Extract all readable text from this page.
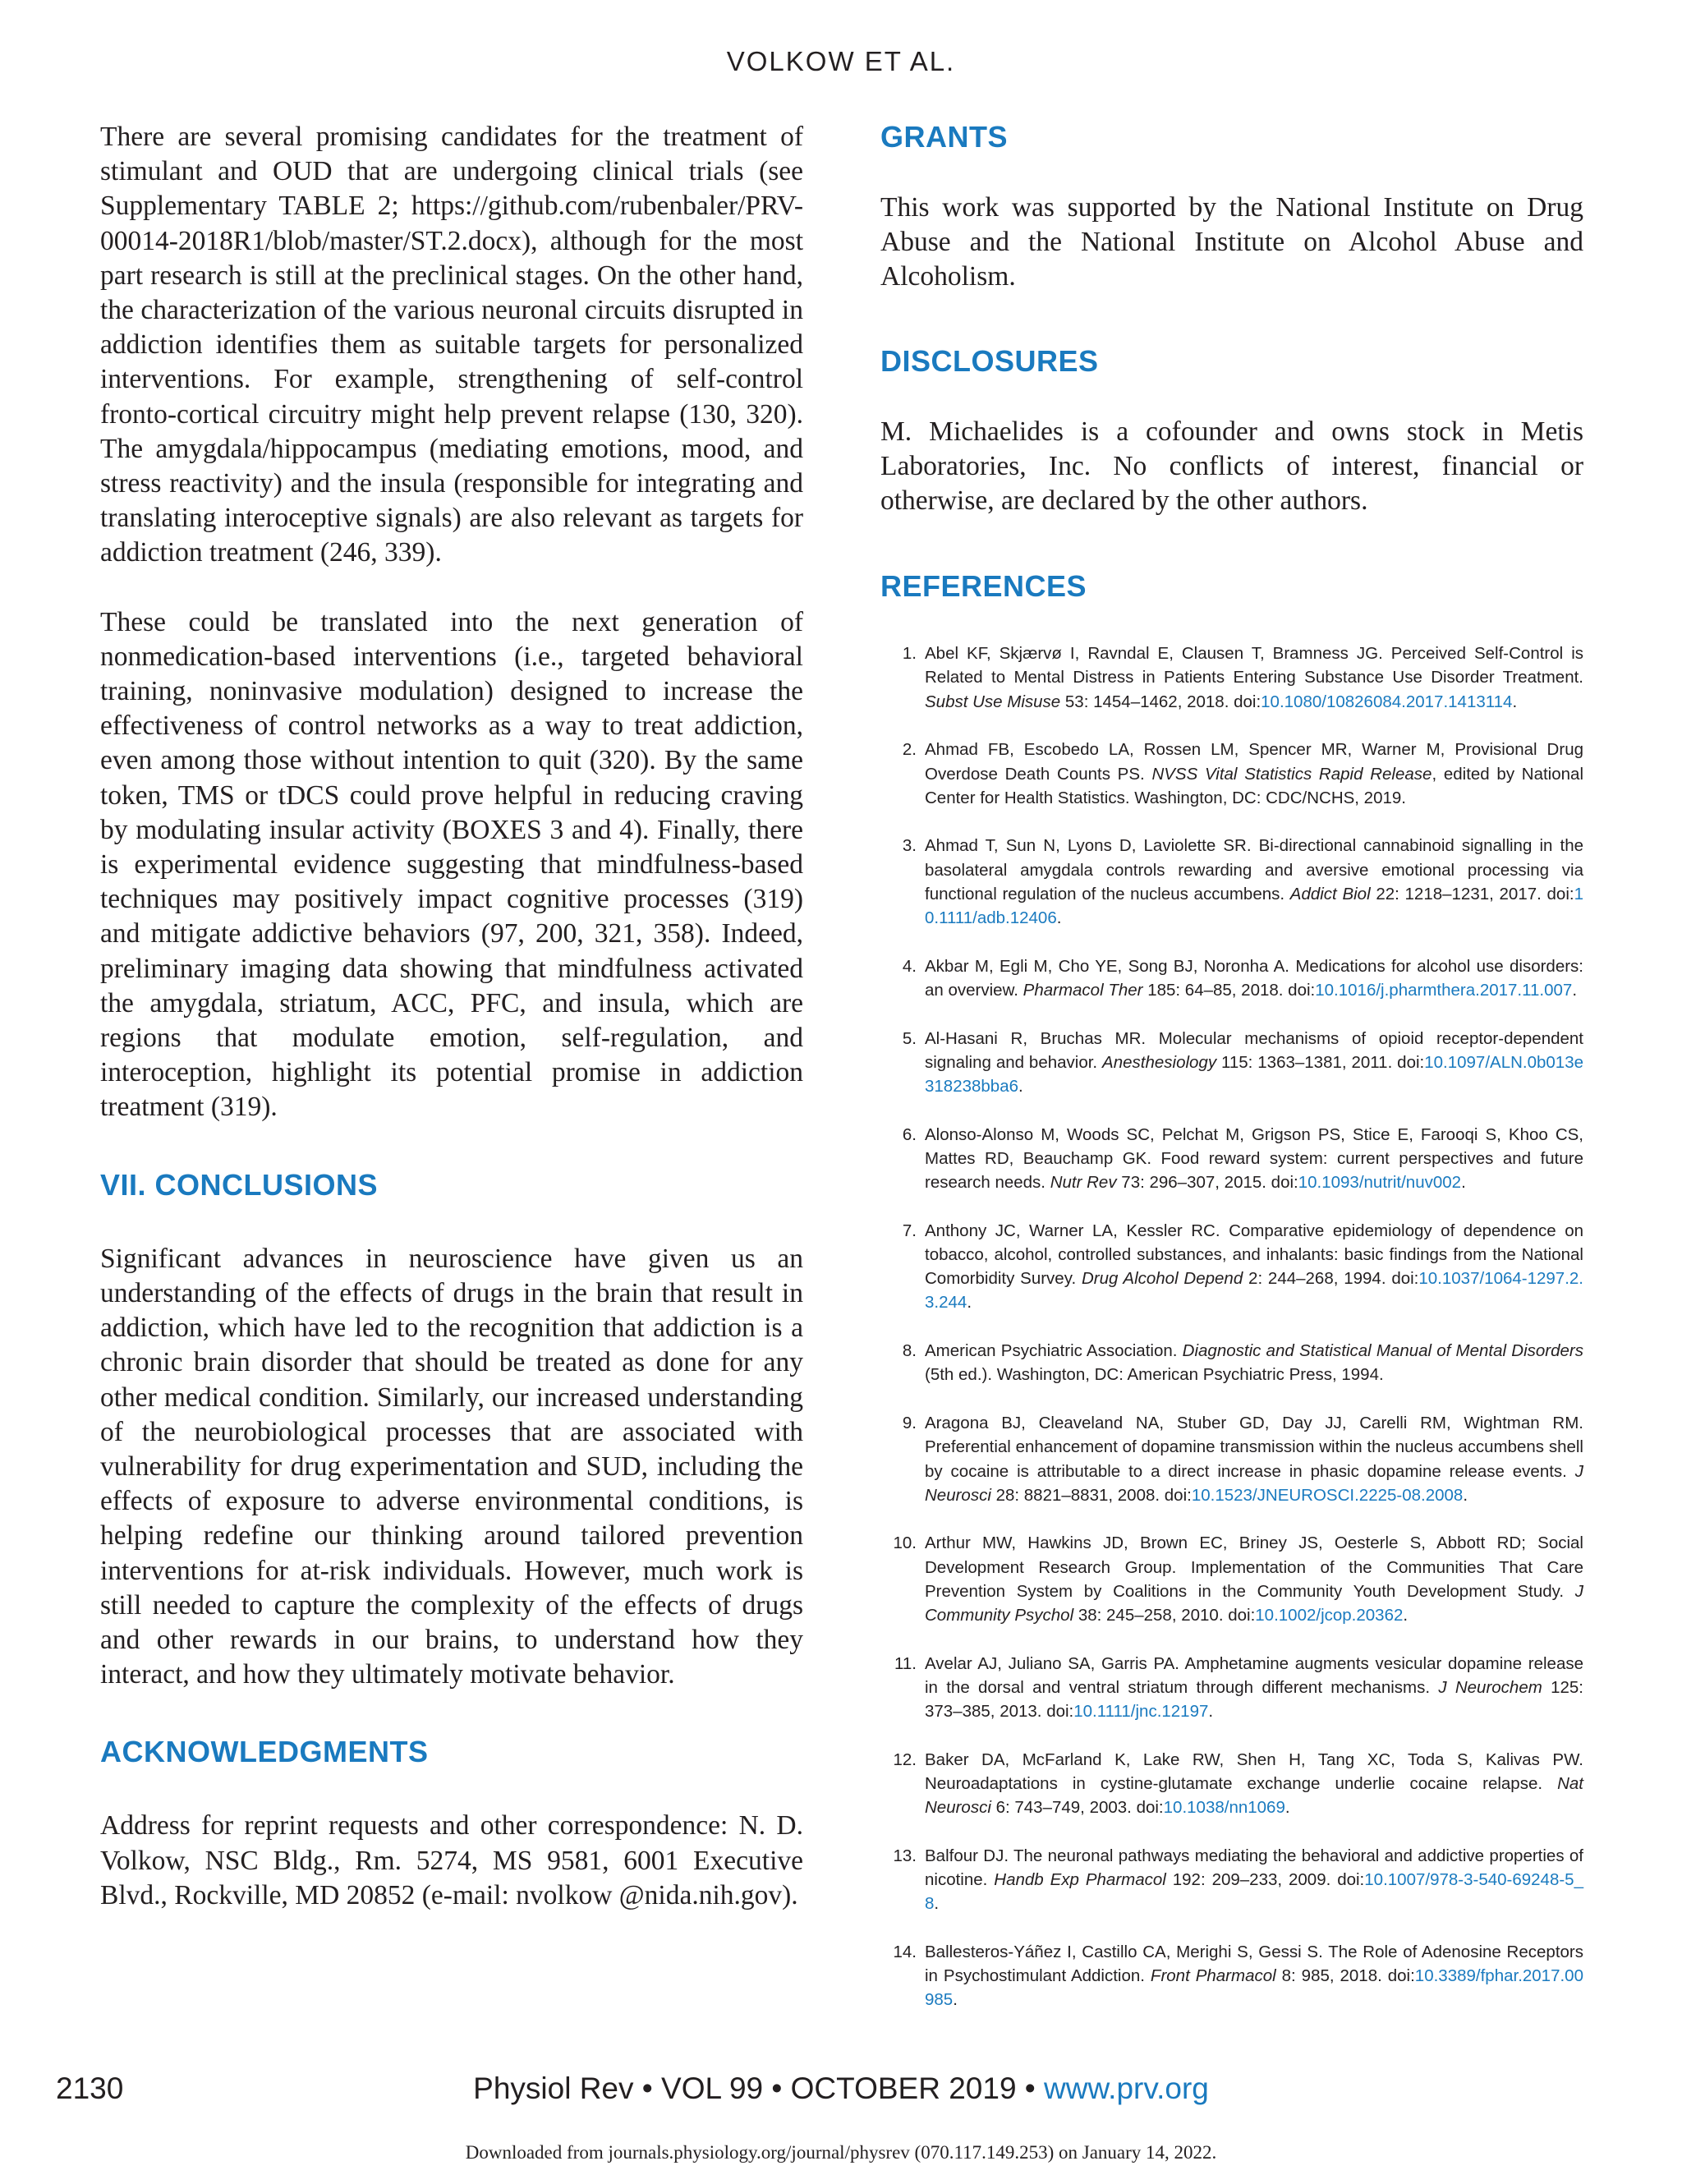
VOLKOW ET AL.

There are several promising candidates for the treatment of stimulant and OUD that are undergoing clinical trials (see Supplementary TABLE 2; https://github.com/rubenbaler/PRV-00014-2018R1/blob/master/ST.2.docx), although for the most part research is still at the preclinical stages. On the other hand, the characterization of the various neuronal circuits disrupted in addiction identifies them as suitable targets for personalized interventions. For example, strengthening of self-control fronto-cortical circuitry might help prevent relapse (130, 320). The amygdala/hippocampus (mediating emotions, mood, and stress reactivity) and the insula (responsible for integrating and translating interoceptive signals) are also relevant as targets for addiction treatment (246, 339).

These could be translated into the next generation of nonmedication-based interventions (i.e., targeted behavioral training, noninvasive modulation) designed to increase the effectiveness of control networks as a way to treat addiction, even among those without intention to quit (320). By the same token, TMS or tDCS could prove helpful in reducing craving by modulating insular activity (BOXES 3 and 4). Finally, there is experimental evidence suggesting that mindfulness-based techniques may positively impact cognitive processes (319) and mitigate addictive behaviors (97, 200, 321, 358). Indeed, preliminary imaging data showing that mindfulness activated the amygdala, striatum, ACC, PFC, and insula, which are regions that modulate emotion, self-regulation, and interoception, highlight its potential promise in addiction treatment (319).

VII. CONCLUSIONS

Significant advances in neuroscience have given us an understanding of the effects of drugs in the brain that result in addiction, which have led to the recognition that addiction is a chronic brain disorder that should be treated as done for any other medical condition. Similarly, our increased understanding of the neurobiological processes that are associated with vulnerability for drug experimentation and SUD, including the effects of exposure to adverse environmental conditions, is helping redefine our thinking around tailored prevention interventions for at-risk individuals. However, much work is still needed to capture the complexity of the effects of drugs and other rewards in our brains, to understand how they interact, and how they ultimately motivate behavior.

ACKNOWLEDGMENTS

Address for reprint requests and other correspondence: N. D. Volkow, NSC Bldg., Rm. 5274, MS 9581, 6001 Executive Blvd., Rockville, MD 20852 (e-mail: nvolkow @nida.nih.gov).

GRANTS

This work was supported by the National Institute on Drug Abuse and the National Institute on Alcohol Abuse and Alcoholism.

DISCLOSURES

M. Michaelides is a cofounder and owns stock in Metis Laboratories, Inc. No conflicts of interest, financial or otherwise, are declared by the other authors.

REFERENCES
1. Abel KF, Skjærvø I, Ravndal E, Clausen T, Bramness JG. Perceived Self-Control is Related to Mental Distress in Patients Entering Substance Use Disorder Treatment. Subst Use Misuse 53: 1454–1462, 2018. doi:10.1080/10826084.2017.1413114.
2. Ahmad FB, Escobedo LA, Rossen LM, Spencer MR, Warner M, Provisional Drug Overdose Death Counts PS. NVSS Vital Statistics Rapid Release, edited by National Center for Health Statistics. Washington, DC: CDC/NCHS, 2019.
3. Ahmad T, Sun N, Lyons D, Laviolette SR. Bi-directional cannabinoid signalling in the basolateral amygdala controls rewarding and aversive emotional processing via functional regulation of the nucleus accumbens. Addict Biol 22: 1218–1231, 2017. doi:10.1111/adb.12406.
4. Akbar M, Egli M, Cho YE, Song BJ, Noronha A. Medications for alcohol use disorders: an overview. Pharmacol Ther 185: 64–85, 2018. doi:10.1016/j.pharmthera.2017.11.007.
5. Al-Hasani R, Bruchas MR. Molecular mechanisms of opioid receptor-dependent signaling and behavior. Anesthesiology 115: 1363–1381, 2011. doi:10.1097/ALN.0b013e318238bba6.
6. Alonso-Alonso M, Woods SC, Pelchat M, Grigson PS, Stice E, Farooqi S, Khoo CS, Mattes RD, Beauchamp GK. Food reward system: current perspectives and future research needs. Nutr Rev 73: 296–307, 2015. doi:10.1093/nutrit/nuv002.
7. Anthony JC, Warner LA, Kessler RC. Comparative epidemiology of dependence on tobacco, alcohol, controlled substances, and inhalants: basic findings from the National Comorbidity Survey. Drug Alcohol Depend 2: 244–268, 1994. doi:10.1037/1064-1297.2.3.244.
8. American Psychiatric Association. Diagnostic and Statistical Manual of Mental Disorders (5th ed.). Washington, DC: American Psychiatric Press, 1994.
9. Aragona BJ, Cleaveland NA, Stuber GD, Day JJ, Carelli RM, Wightman RM. Preferential enhancement of dopamine transmission within the nucleus accumbens shell by cocaine is attributable to a direct increase in phasic dopamine release events. J Neurosci 28: 8821–8831, 2008. doi:10.1523/JNEUROSCI.2225-08.2008.
10. Arthur MW, Hawkins JD, Brown EC, Briney JS, Oesterle S, Abbott RD; Social Development Research Group. Implementation of the Communities That Care Prevention System by Coalitions in the Community Youth Development Study. J Community Psychol 38: 245–258, 2010. doi:10.1002/jcop.20362.
11. Avelar AJ, Juliano SA, Garris PA. Amphetamine augments vesicular dopamine release in the dorsal and ventral striatum through different mechanisms. J Neurochem 125: 373–385, 2013. doi:10.1111/jnc.12197.
12. Baker DA, McFarland K, Lake RW, Shen H, Tang XC, Toda S, Kalivas PW. Neuroadaptations in cystine-glutamate exchange underlie cocaine relapse. Nat Neurosci 6: 743–749, 2003. doi:10.1038/nn1069.
13. Balfour DJ. The neuronal pathways mediating the behavioral and addictive properties of nicotine. Handb Exp Pharmacol 192: 209–233, 2009. doi:10.1007/978-3-540-69248-5_8.
14. Ballesteros-Yáñez I, Castillo CA, Merighi S, Gessi S. The Role of Adenosine Receptors in Psychostimulant Addiction. Front Pharmacol 8: 985, 2018. doi:10.3389/fphar.2017.00985.
2130	Physiol Rev • VOL 99 • OCTOBER 2019 • www.prv.org
Downloaded from journals.physiology.org/journal/physrev (070.117.149.253) on January 14, 2022.
